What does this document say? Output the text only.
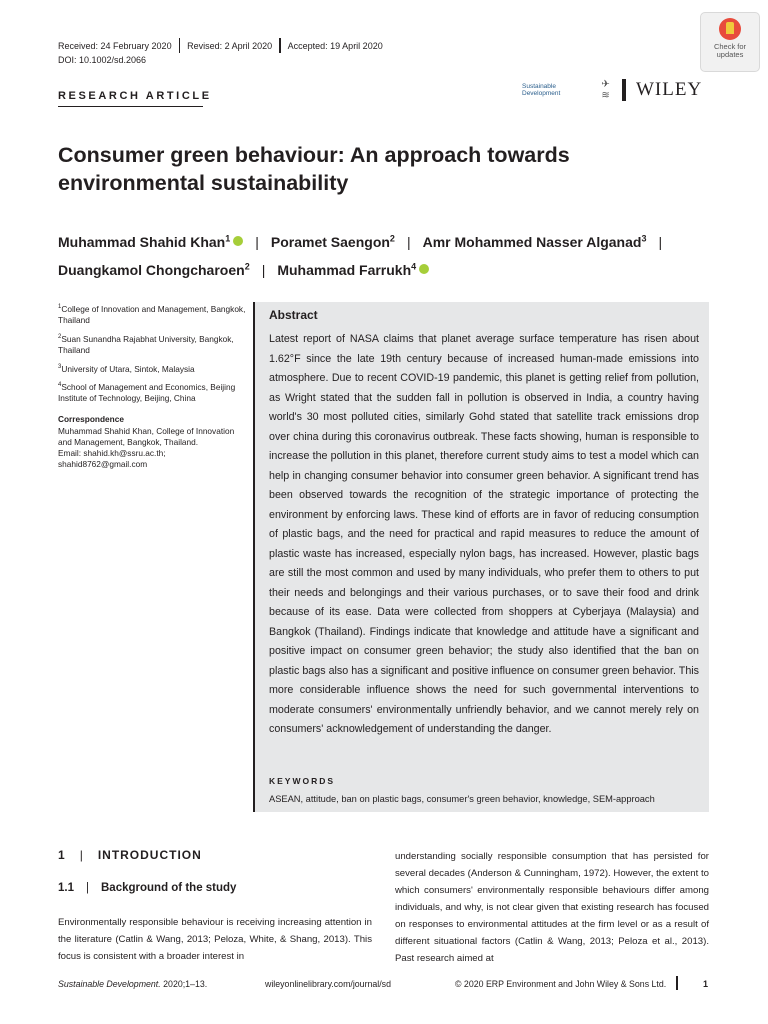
Received: 24 February 2020 Revised: 2 April 2020 Accepted: 19 April 2020
DOI: 10.1002/sd.2066
RESEARCH ARTICLE
Check for updates
Sustainable Development
✈≋	WILEY
Consumer green behaviour: An approach towards environmental sustainability
Muhammad Shahid Khan$^1$ | Poramet Saengon$^2$ | Amr Mohammed Nasser Alganad$^3$ |
Duangkamol Chongcharoen$^2$ | Muhammad Farrukh$^4$

$^1$College of Innovation and Management, Bangkok, Thailand

$^2$Suan Sunandha Rajabhat University, Bangkok, Thailand

$^3$University of Utara, Sintok, Malaysia

$^4$School of Management and Economics, Beijing Institute of Technology, Beijing, China

Correspondence

Muhammad Shahid Khan, College of Innovation and Management, Bangkok, Thailand.
Email: shahid.kh@ssru.ac.th; shahid8762@gmail.com

Abstract
Latest report of NASA claims that planet average surface temperature has risen about 1.62°F since the late 19th century because of increased human-made emissions into atmosphere. Due to recent COVID-19 pandemic, this planet is getting relief from pollution, as Wright stated that the sudden fall in pollution is observed in India, a country having world's 30 most polluted cities, similarly Gohd stated that satellite track emissions drop over china during this coronavirus outbreak. These facts showing, human is responsible to increase the pollution in this planet, therefore current study aims to test a model which can help in changing consumer behavior into consumer green behavior. A significant trend has been observed towards the recognition of the strategic importance of protecting the environment by enforcing laws. These kind of efforts are in favor of reducing consumption of plastic bags, and the need for practical and rapid measures to reduce the amount of plastic waste has increased, especially nylon bags, has increased. However, plastic bags are still the most common and used by many individuals, who prefer them to others to put their needs and belongings and their various purchases, or to save their food and drink because of its ease. Data were collected from shoppers at Cyberjaya (Malaysia) and Bangkok (Thailand). Findings indicate that knowledge and attitude have a significant and positive impact on consumer green behavior; the study also identified that the ban on plastic bags also has a significant and positive influence on consumer green behavior. This more considerable influence shows the need for such governmental interventions to moderate consumers' environmentally unfriendly behavior, and we cannot merely rely on consumers' acknowledgement of understanding the danger.
KEYWORDS
ASEAN, attitude, ban on plastic bags, consumer's green behavior, knowledge, SEM-approach
1 | INTRODUCTION
1.1 | Background of the study
Environmentally responsible behaviour is receiving increasing attention in the literature (Catlin & Wang, 2013; Peloza, White, & Shang, 2013). This focus is consistent with a broader interest in
understanding socially responsible consumption that has persisted for several decades (Anderson & Cunningham, 1972). However, the extent to which consumers' environmentally responsible behaviours differ among individuals, and why, is not clear given that existing research has focused on responses to environmental attitudes at the firm level or as a result of different situational factors (Catlin & Wang, 2013; Peloza et al., 2013). Past research aimed at
Sustainable Development. 2020;1–13.	wileyonlinelibrary.com/journal/sd	© 2020 ERP Environment and John Wiley & Sons Ltd.	1
